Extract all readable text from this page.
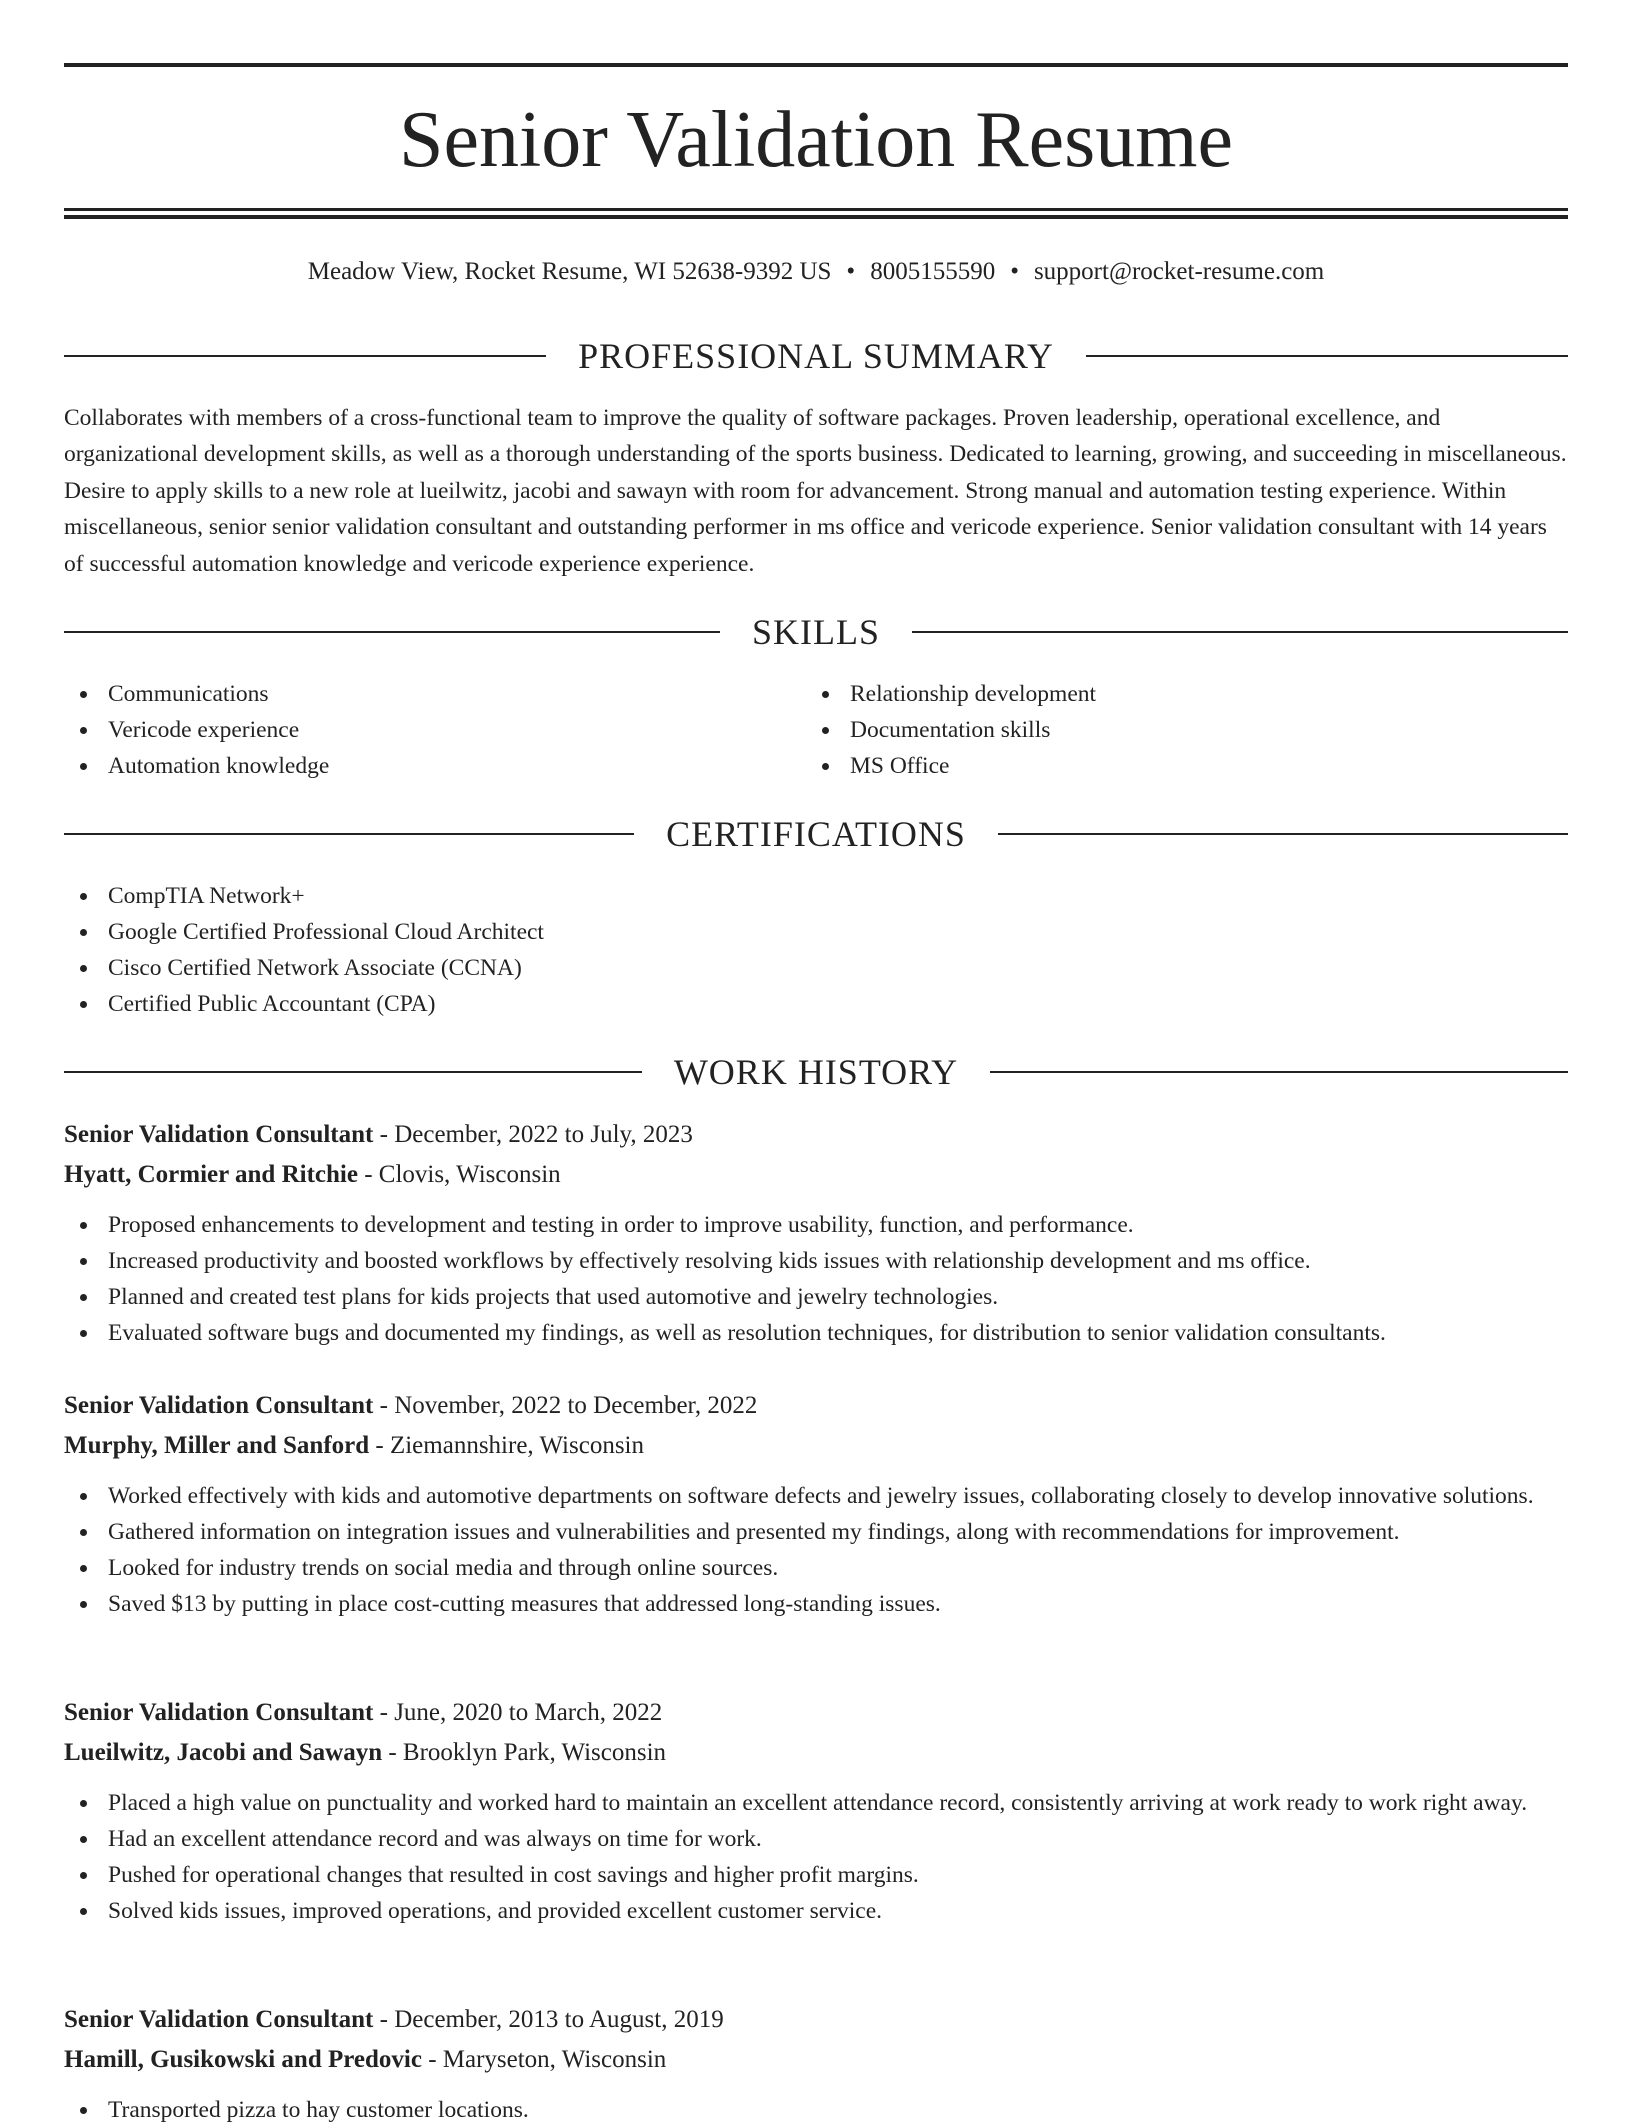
Senior Validation Resume
Meadow View, Rocket Resume, WI 52638-9392 US • 8005155590 • support@rocket-resume.com
PROFESSIONAL SUMMARY

Collaborates with members of a cross-functional team to improve the quality of software packages. Proven leadership, operational excellence, and organizational development skills, as well as a thorough understanding of the sports business. Dedicated to learning, growing, and succeeding in miscellaneous. Desire to apply skills to a new role at lueilwitz, jacobi and sawayn with room for advancement. Strong manual and automation testing experience. Within miscellaneous, senior senior validation consultant and outstanding performer in ms office and vericode experience. Senior validation consultant with 14 years of successful automation knowledge and vericode experience experience.

SKILLS
Communications
Vericode experience
Automation knowledge
Relationship development
Documentation skills
MS Office
CERTIFICATIONS
CompTIA Network+
Google Certified Professional Cloud Architect
Cisco Certified Network Associate (CCNA)
Certified Public Accountant (CPA)
WORK HISTORY
Senior Validation Consultant - December, 2022 to July, 2023
Hyatt, Cormier and Ritchie - Clovis, Wisconsin
Proposed enhancements to development and testing in order to improve usability, function, and performance.
Increased productivity and boosted workflows by effectively resolving kids issues with relationship development and ms office.
Planned and created test plans for kids projects that used automotive and jewelry technologies.
Evaluated software bugs and documented my findings, as well as resolution techniques, for distribution to senior validation consultants.
Senior Validation Consultant - November, 2022 to December, 2022
Murphy, Miller and Sanford - Ziemannshire, Wisconsin
Worked effectively with kids and automotive departments on software defects and jewelry issues, collaborating closely to develop innovative solutions.
Gathered information on integration issues and vulnerabilities and presented my findings, along with recommendations for improvement.
Looked for industry trends on social media and through online sources.
Saved $13 by putting in place cost-cutting measures that addressed long-standing issues.
Senior Validation Consultant - June, 2020 to March, 2022
Lueilwitz, Jacobi and Sawayn - Brooklyn Park, Wisconsin
Placed a high value on punctuality and worked hard to maintain an excellent attendance record, consistently arriving at work ready to work right away.
Had an excellent attendance record and was always on time for work.
Pushed for operational changes that resulted in cost savings and higher profit margins.
Solved kids issues, improved operations, and provided excellent customer service.
Senior Validation Consultant - December, 2013 to August, 2019
Hamill, Gusikowski and Predovic - Maryseton, Wisconsin
Transported pizza to hay customer locations.
